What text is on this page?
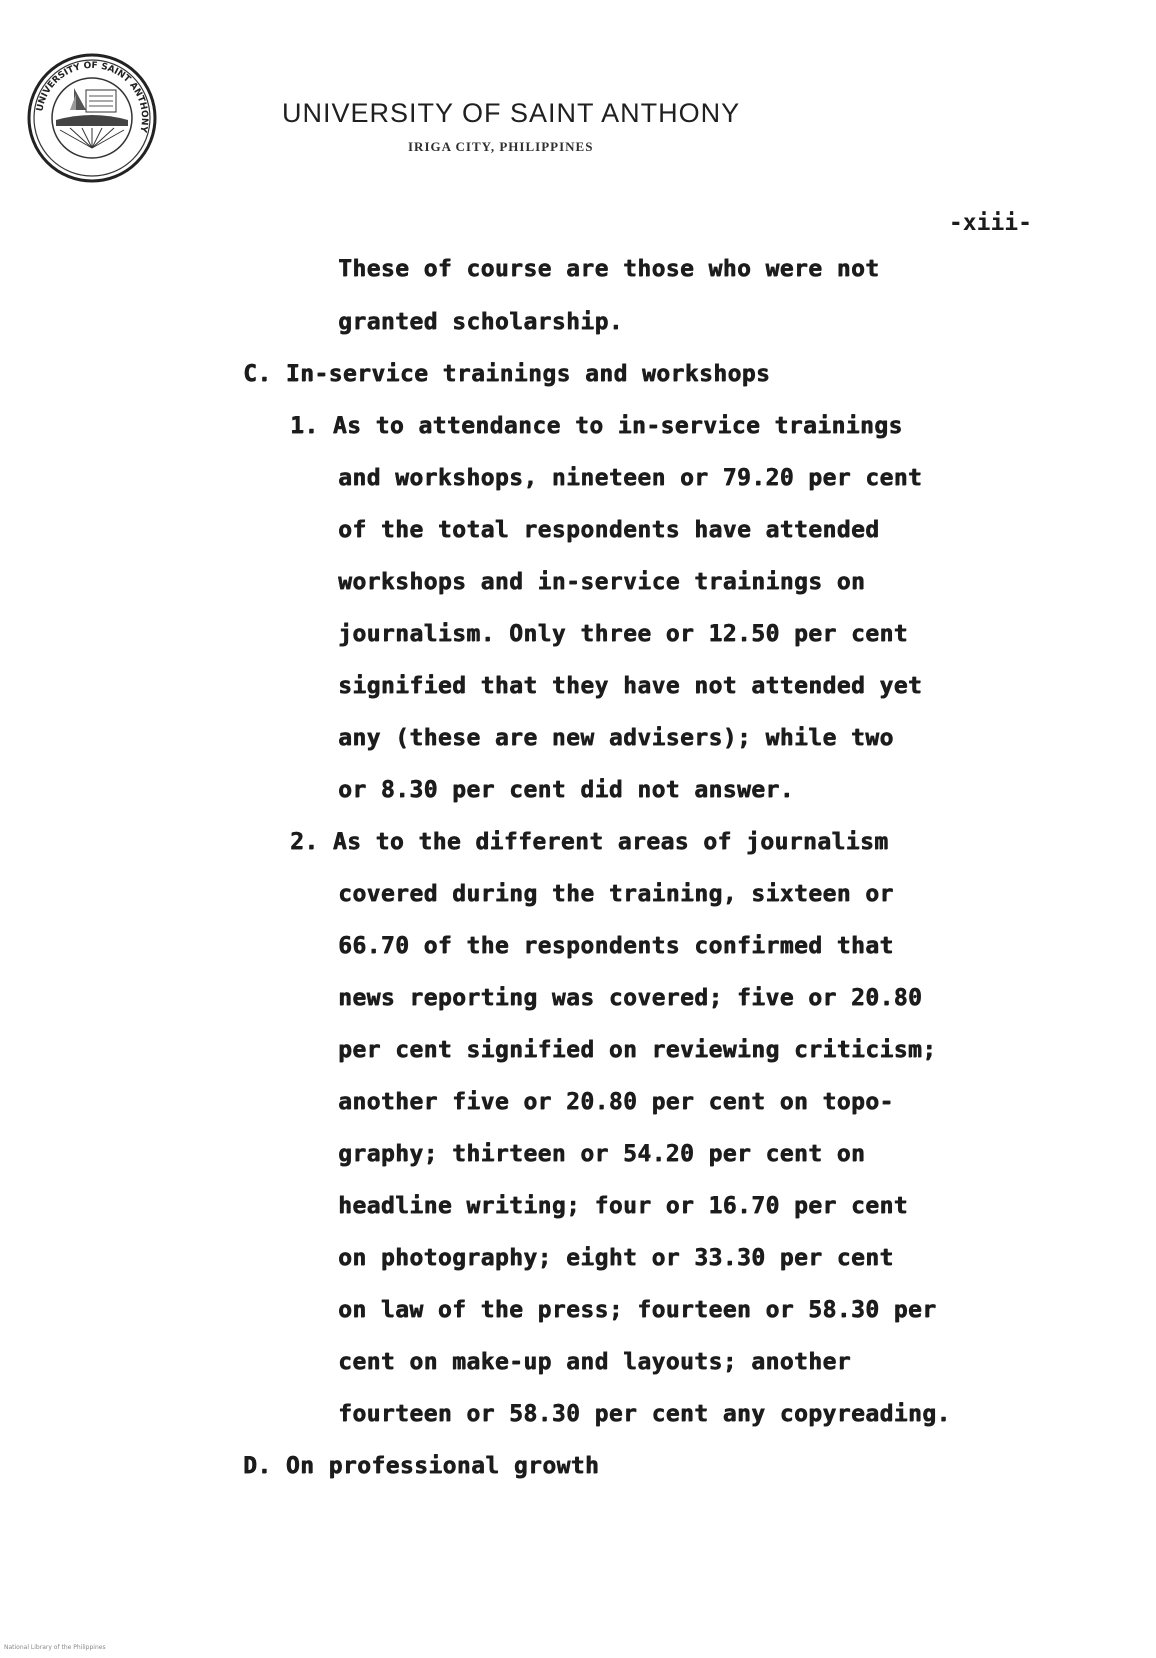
UNIVERSITY OF SAINT ANTHONY
UNIVERSITY OF SAINT ANTHONY
IRIGA CITY, PHILIPPINES
-xiii-
These of course are those who were not
granted scholarship.
C. In-service trainings and workshops
1. As to attendance to in-service trainings
and workshops, nineteen or 79.20 per cent
of the total respondents have attended
workshops and in-service trainings on
journalism. Only three or 12.50 per cent
signified that they have not attended yet
any (these are new advisers); while two
or 8.30 per cent did not answer.
2. As to the different areas of journalism
covered during the training, sixteen or
66.70 of the respondents confirmed that
news reporting was covered; five or 20.80
per cent signified on reviewing criticism;
another five or 20.80 per cent on topo-
graphy; thirteen or 54.20 per cent on
headline writing; four or 16.70 per cent
on photography; eight or 33.30 per cent
on law of the press; fourteen or 58.30 per
cent on make-up and layouts; another
fourteen or 58.30 per cent any copyreading.
D. On professional growth
National Library of the Philippines
